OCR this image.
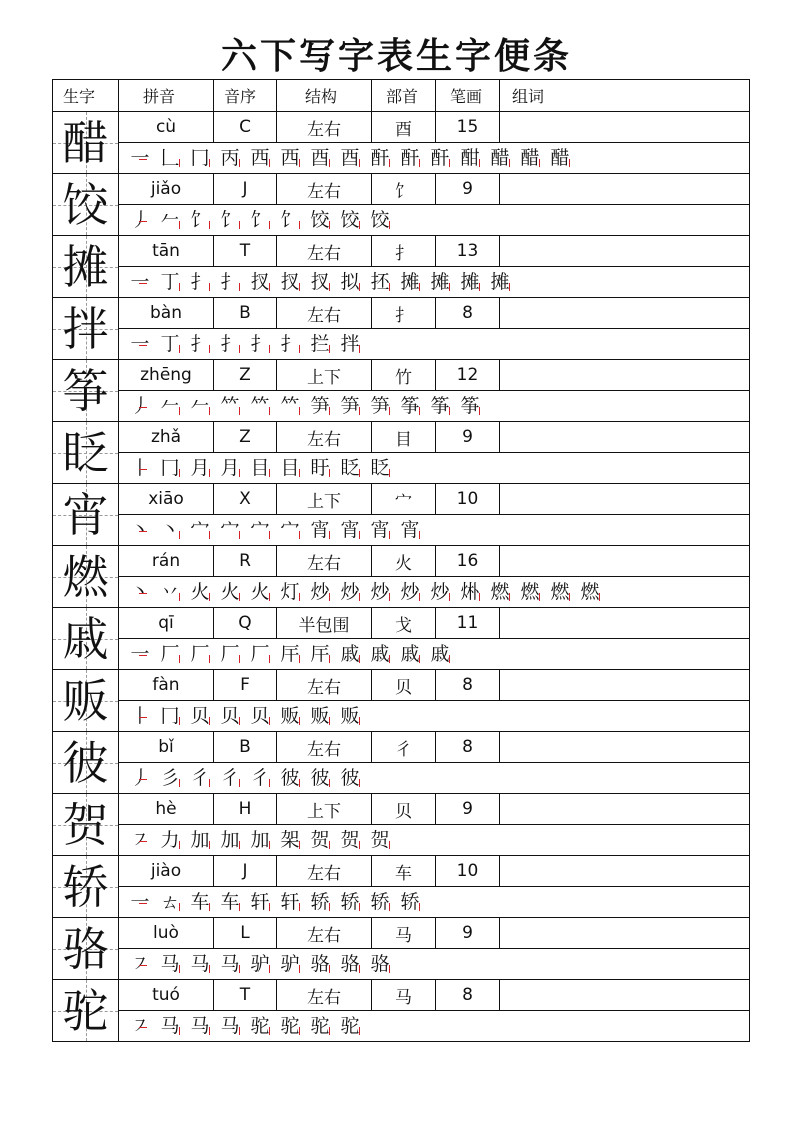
六下写字表生字便条
生字	拼音	音序	结构	部首	笔画	组词
醋	cù	C	左右	酉	15	
	一 𠃊 冂 丙 西 西 酉 酉 酐 酐 酐 酣 醋 醋 醋					
饺	jiǎo	J	左右	饣	9	
	丿 𠂉 饣 饣 饣 饣 饺 饺 饺					
摊	tān	T	左右	扌	13	
	一 丁 扌 扌 扠 扠 扠 拟 抷 摊 摊 摊 摊					
拌	bàn	B	左右	扌	8	
	一 丁 扌 扌 扌 扌 拦 拌					
筝	zhēng	Z	上下	竹	12	
	丿 𠂉 𠂉 𥫗 𥫗 𥫗 笋 笋 笋 筝 筝 筝					
眨	zhǎ	Z	左右	目	9	
	丨 冂 月 月 目 目 盱 眨 眨					
宵	xiāo	X	上下	宀	10	
	丶 丶 宀 宀 宀 宀 宵 宵 宵 宵					
燃	rán	R	左右	火	16	
	丶 丷 火 火 火 灯 炒 炒 炒 炒 炒 烞 燃 燃 燃 燃					
戚	qī	Q	半包围	戈	11	
	一 厂 厂 厂 厂 厈 厈 戚 戚 戚 戚					
贩	fàn	F	左右	贝	8	
	丨 冂 贝 贝 贝 贩 贩 贩					
彼	bǐ	B	左右	彳	8	
	丿 彡 彳 彳 彳 彼 彼 彼					
贺	hè	H	上下	贝	9	
	㇇ 力 加 加 加 架 贺 贺 贺					
轿	jiào	J	左右	车	10	
	一 ㄊ 车 车 轩 轩 轿 轿 轿 轿					
骆	luò	L	左右	马	9	
	㇇ 马 马 马 驴 驴 骆 骆 骆					
驼	tuó	T	左右	马	8	
	㇇ 马 马 马 驼 驼 驼 驼					
